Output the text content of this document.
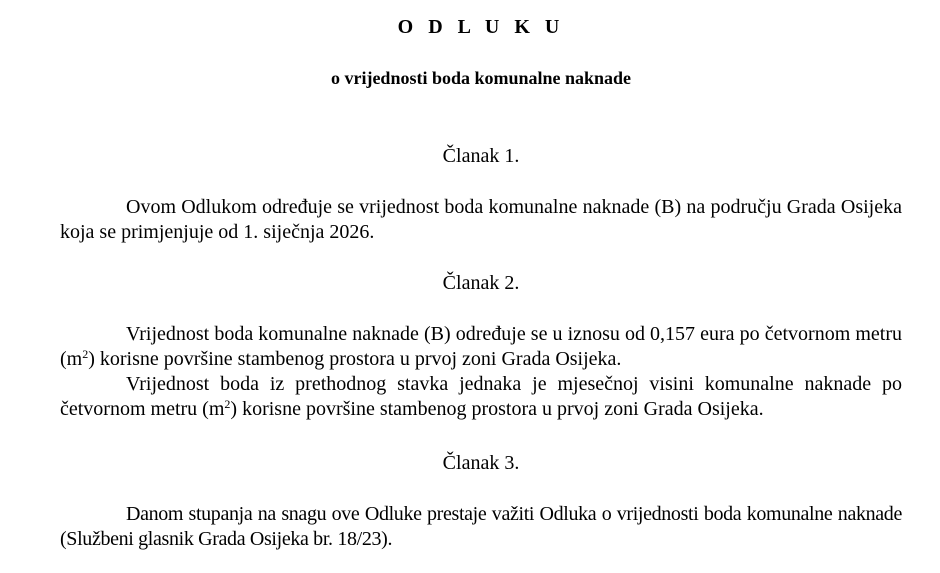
O D L U K U
o vrijednosti boda komunalne naknade
Članak 1.

Ovom Odlukom određuje se vrijednost boda komunalne naknade (B) na području Grada Osijeka koja se primjenjuje od 1. siječnja 2026.

Članak 2.

Vrijednost boda komunalne naknade (B) određuje se u iznosu od 0,157 eura po četvornom metru $(m^2)$ korisne površine stambenog prostora u prvoj zoni Grada Osijeka.

Vrijednost boda iz prethodnog stavka jednaka je mjesečnoj visini komunalne naknade po četvornom metru $(m^2)$ korisne površine stambenog prostora u prvoj zoni Grada Osijeka.

Članak 3.

Danom stupanja na snagu ove Odluke prestaje važiti Odluka o vrijednosti boda komunalne naknade (Službeni glasnik Grada Osijeka br. 18/23).
